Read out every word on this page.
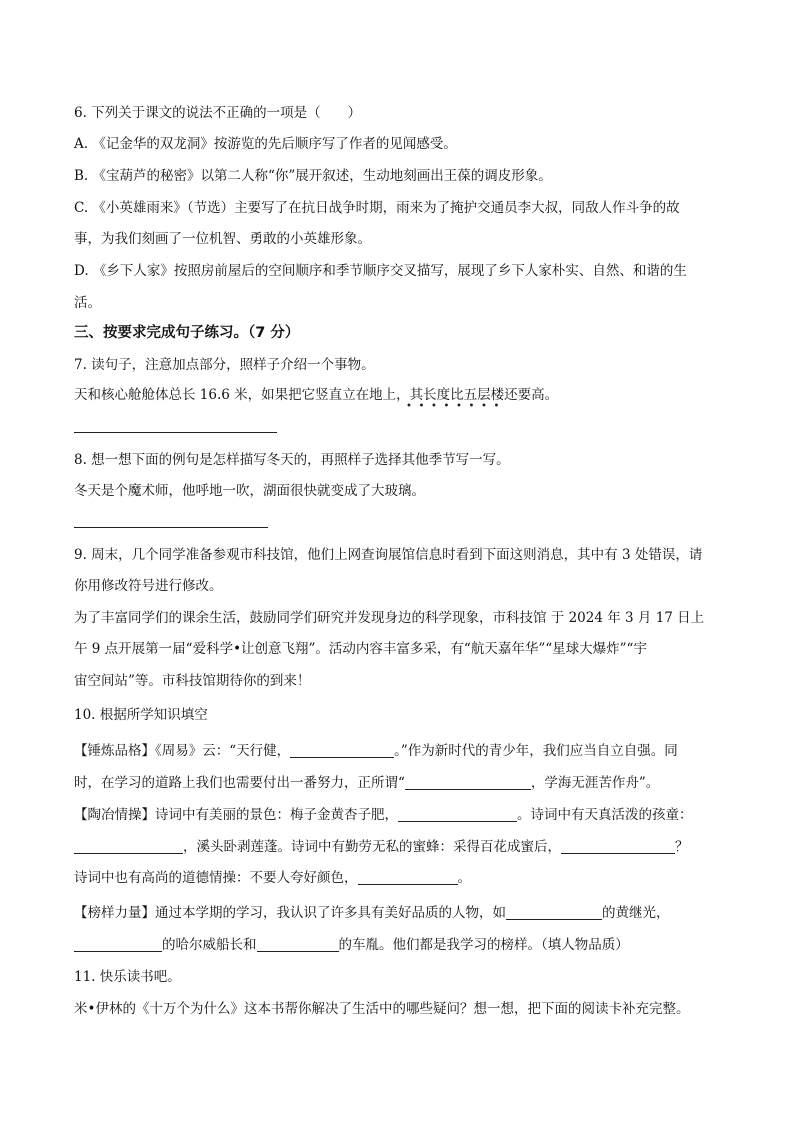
6. 下列关于课文的说法不正确的一项是（　　）
A. 《记金华的双龙洞》按游览的先后顺序写了作者的见闻感受。
B. 《宝葫芦的秘密》以第二人称“你”展开叙述，生动地刻画出王葆的调皮形象。
C. 《小英雄雨来》（节选）主要写了在抗日战争时期，雨来为了掩护交通员李大叔，同敌人作斗争的故
事，为我们刻画了一位机智、勇敢的小英雄形象。
D. 《乡下人家》按照房前屋后的空间顺序和季节顺序交叉描写，展现了乡下人家朴实、自然、和谐的生
活。
三、按要求完成句子练习。（7 分）
7. 读句子，注意加点部分，照样子介绍一个事物。
天和核心舱舱体总长 16.6 米，如果把它竖直立在地上，其长度比五层楼还要高。
••••••••
8. 想一想下面的例句是怎样描写冬天的，再照样子选择其他季节写一写。
冬天是个魔术师，他呼地一吹，湖面很快就变成了大玻璃。
9. 周末，几个同学准备参观市科技馆，他们上网查询展馆信息时看到下面这则消息，其中有 3 处错误，请
你用修改符号进行修改。
为了丰富同学们的课余生活，鼓励同学们研究并发现身边的科学现象，市科技馆 于 2024 年 3 月 17 日上
午 9 点开展第一届“爱科学•让创意飞翔”。活动内容丰富多采，有“航天嘉年华”“星球大爆炸”“宇
宙空间站”等。市科技馆期待你的到来！
10. 根据所学知识填空
【锤炼品格】《周易》云：“天行健，	。”作为新时代的青少年，我们应当自立自强。同
时，在学习的道路上我们也需要付出一番努力，正所谓“	，学海无涯苦作舟”。
【陶冶情操】诗词中有美丽的景色：梅子金黄杏子肥，	。诗词中有天真活泼的孩童：
，溪头卧剥莲蓬。诗词中有勤劳无私的蜜蜂：采得百花成蜜后，	？
诗词中也有高尚的道德情操：不要人夸好颜色，	。
【榜样力量】通过本学期的学习，我认识了许多具有美好品质的人物，如	的黄继光，
的哈尔威船长和	的车胤。他们都是我学习的榜样。（填人物品质）
11. 快乐读书吧。
米•伊林的《十万个为什么》这本书帮你解决了生活中的哪些疑问？想一想，把下面的阅读卡补充完整。
